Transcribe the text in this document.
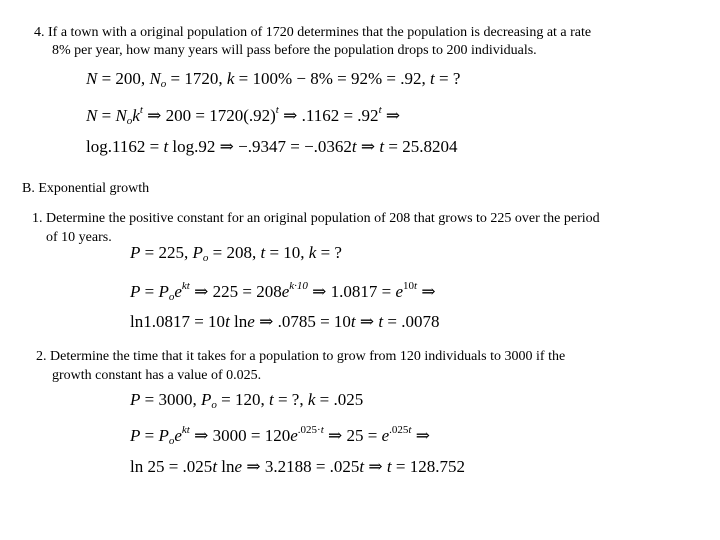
4. If a town with a original population of 1720 determines that the population is decreasing at a rate
8% per year, how many years will pass before the population drops to 200 individuals.
N = 200, $N_o = 1720$, k = 100% − 8% = 92% = .92, t = ?
$N = N_ok^t$ ⇒ $200 = 1720(.92)^t$ ⇒ $.1162 = .92^t$ ⇒
log.1162 = t log.92 ⇒ −.9347 = −.0362t ⇒ t = 25.8204
B. Exponential growth
1. Determine the positive constant for an original population of 208 that grows to 225 over the period
of 10 years.
P = 225, $P_o = 208$, t = 10, k = ?
$P = P_oe^{kt}$ ⇒ $225 = 208e^{k\cdot 10}$ ⇒ $1.0817 = e^{10t}$ ⇒
ln1.0817 = 10t lne ⇒ .0785 = 10t ⇒ t = .0078
2. Determine the time that it takes for a population to grow from 120 individuals to 3000 if the
growth constant has a value of 0.025.
P = 3000, $P_o = 120$, t = ?, k = .025
$P = P_oe^{kt}$ ⇒ $3000 = 120e^{.025\cdot t}$ ⇒ $25 = e^{.025t}$ ⇒
ln 25 = .025t lne ⇒ 3.2188 = .025t ⇒ t = 128.752
